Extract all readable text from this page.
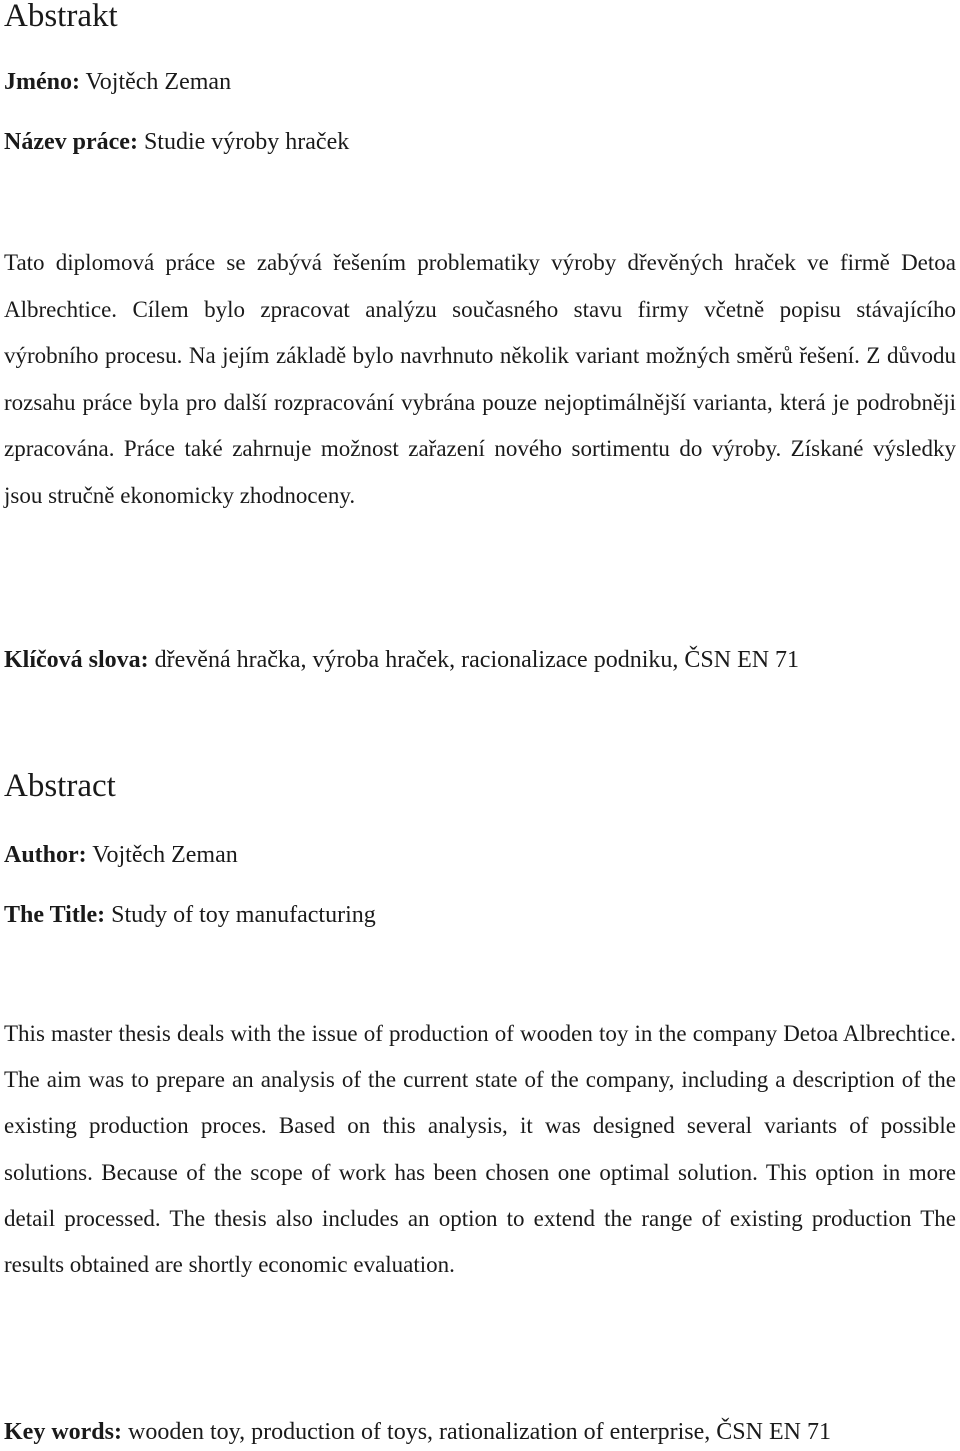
Abstrakt

Jméno: Vojtěch Zeman

Název práce: Studie výroby hraček

Tato diplomová práce se zabývá řešením problematiky výroby dřevěných hraček ve firmě Detoa Albrechtice. Cílem bylo zpracovat analýzu současného stavu firmy včetně popisu stávajícího výrobního procesu. Na jejím základě bylo navrhnuto několik variant možných směrů řešení. Z důvodu rozsahu práce byla pro další rozpracování vybrána pouze nejoptimálnější varianta, která je podrobněji zpracována. Práce také zahrnuje možnost zařazení nového sortimentu do výroby. Získané výsledky jsou stručně ekonomicky zhodnoceny.

Klíčová slova: dřevěná hračka, výroba hraček, racionalizace podniku, ČSN EN 71

Abstract

Author: Vojtěch Zeman

The Title: Study of toy manufacturing

This master thesis deals with the issue of production of wooden toy in the company Detoa Albrechtice. The aim was to prepare an analysis of the current state of the company, including a description of the existing production proces. Based on this analysis, it was designed several variants of possible solutions. Because of the scope of work has been chosen one optimal solution. This option in more detail processed. The thesis also includes an option to extend the range of existing production The results obtained are shortly economic evaluation.

Key words: wooden toy, production of toys, rationalization of enterprise, ČSN EN 71
